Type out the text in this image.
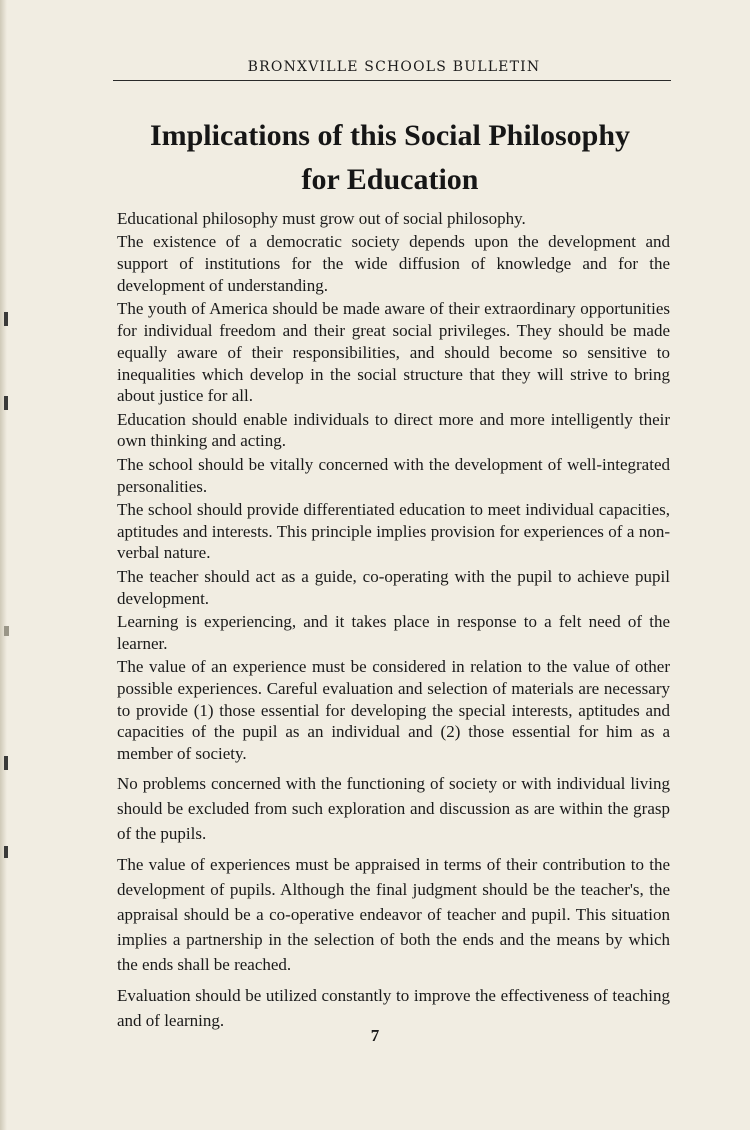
BRONXVILLE SCHOOLS BULLETIN
Implications of this Social Philosophy
for Education

Educational philosophy must grow out of social philosophy.

The existence of a democratic society depends upon the development and support of institutions for the wide diffusion of knowledge and for the development of understanding.

The youth of America should be made aware of their extraordinary opportunities for individual freedom and their great social privileges. They should be made equally aware of their responsibilities, and should become so sensitive to inequalities which develop in the social structure that they will strive to bring about justice for all.

Education should enable individuals to direct more and more intelligently their own thinking and acting.

The school should be vitally concerned with the development of well-integrated personalities.

The school should provide differentiated education to meet individual capacities, aptitudes and interests. This principle implies provision for experiences of a non-verbal nature.

The teacher should act as a guide, co-operating with the pupil to achieve pupil development.

Learning is experiencing, and it takes place in response to a felt need of the learner.

The value of an experience must be considered in relation to the value of other possible experiences. Careful evaluation and selection of materials are necessary to provide (1) those essential for developing the special interests, aptitudes and capacities of the pupil as an individual and (2) those essential for him as a member of society.

No problems concerned with the functioning of society or with individual living should be excluded from such exploration and discussion as are within the grasp of the pupils.

The value of experiences must be appraised in terms of their contribution to the development of pupils. Although the final judgment should be the teacher's, the appraisal should be a co-operative endeavor of teacher and pupil. This situation implies a partnership in the selection of both the ends and the means by which the ends shall be reached.

Evaluation should be utilized constantly to improve the effectiveness of teaching and of learning.

7
